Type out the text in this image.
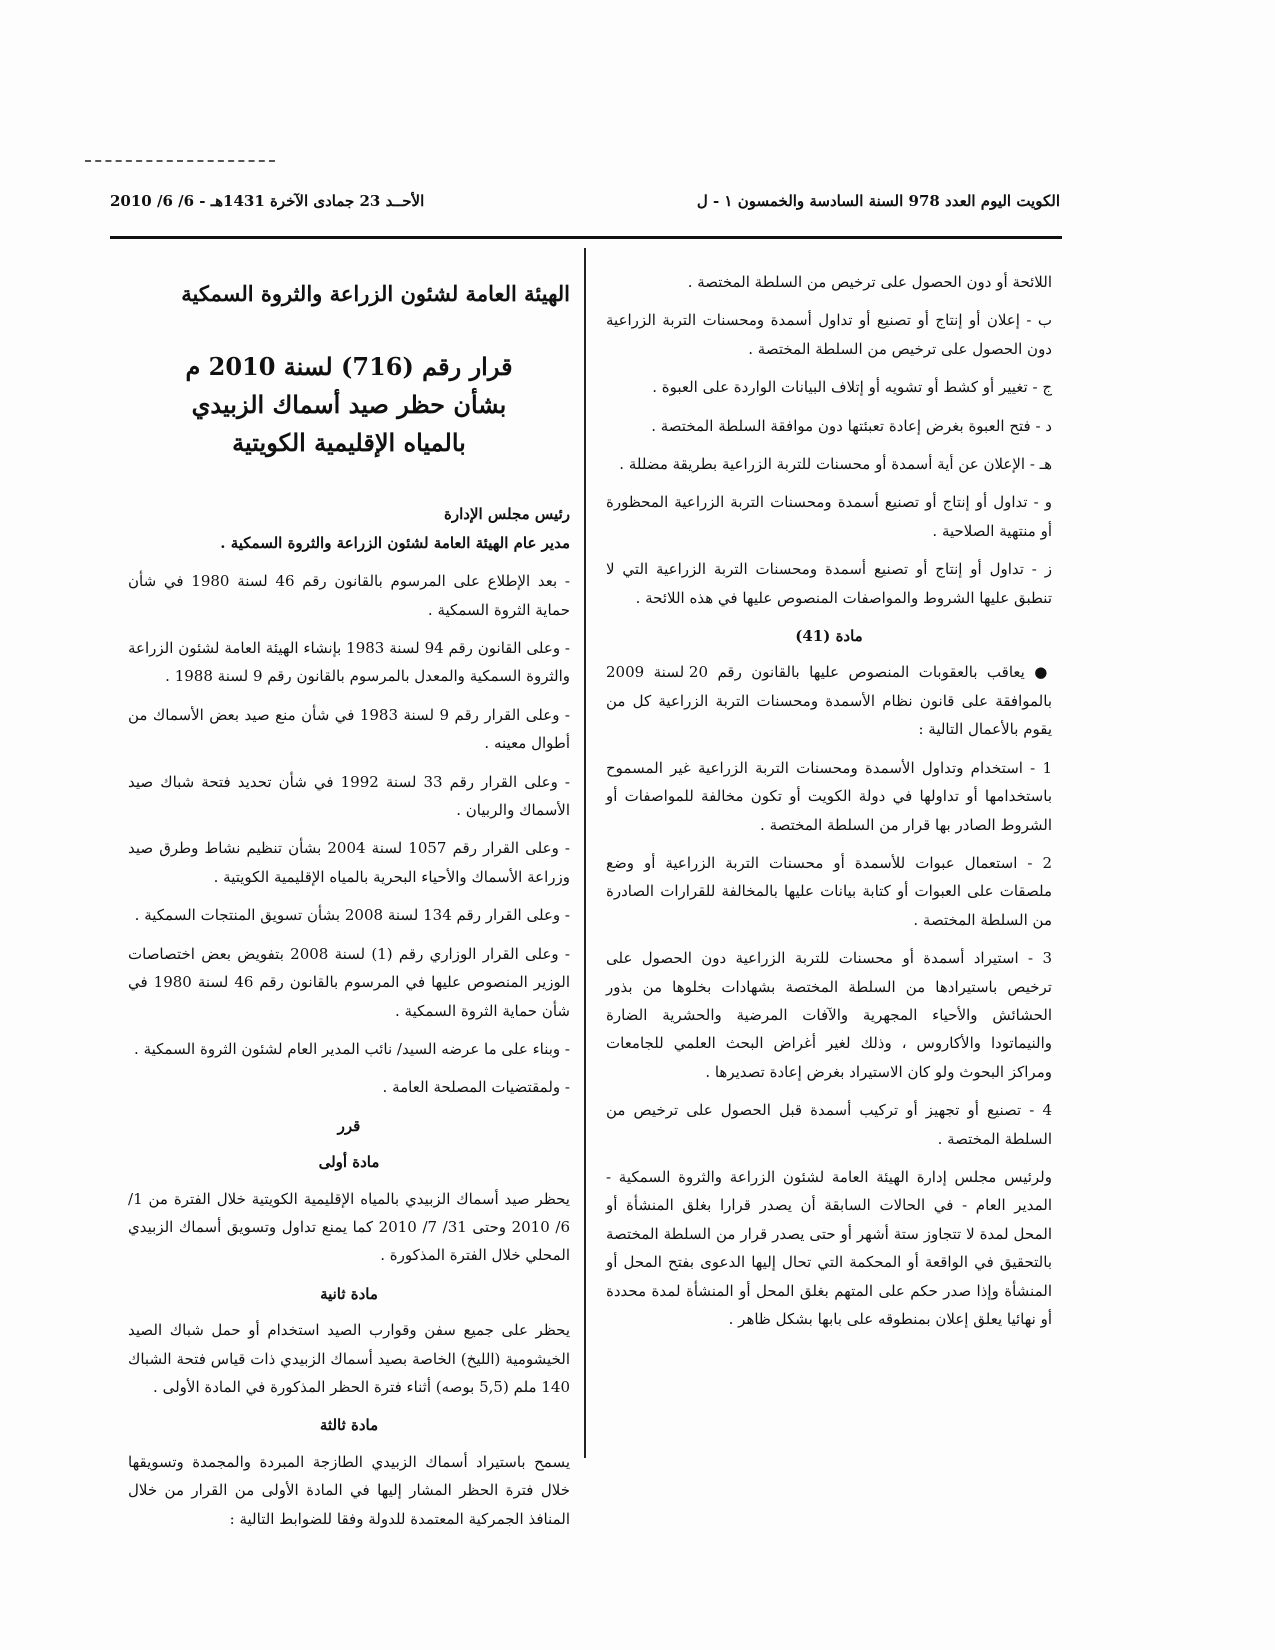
الكويت اليوم العدد 978 السنة السادسة والخمسون ١ - ل
الأحــد 23 جمادى الآخرة 1431هـ - 6/ 6/ 2010

اللائحة أو دون الحصول على ترخيص من السلطة المختصة .

ب - إعلان أو إنتاج أو تصنيع أو تداول أسمدة ومحسنات التربة الزراعية دون الحصول على ترخيص من السلطة المختصة .

ج - تغيير أو كشط أو تشويه أو إتلاف البيانات الواردة على العبوة .

د - فتح العبوة بغرض إعادة تعبئتها دون موافقة السلطة المختصة .

هـ - الإعلان عن أية أسمدة أو محسنات للتربة الزراعية بطريقة مضللة .

و - تداول أو إنتاج أو تصنيع أسمدة ومحسنات التربة الزراعية المحظورة أو منتهية الصلاحية .

ز - تداول أو إنتاج أو تصنيع أسمدة ومحسنات التربة الزراعية التي لا تنطبق عليها الشروط والمواصفات المنصوص عليها في هذه اللائحة .

مادة (41)

● يعاقب بالعقوبات المنصوص عليها بالقانون رقم 20 لسنة 2009 بالموافقة على قانون نظام الأسمدة ومحسنات التربة الزراعية كل من يقوم بالأعمال التالية :

1 - استخدام وتداول الأسمدة ومحسنات التربة الزراعية غير المسموح باستخدامها أو تداولها في دولة الكويت أو تكون مخالفة للمواصفات أو الشروط الصادر بها قرار من السلطة المختصة .

2 - استعمال عبوات للأسمدة أو محسنات التربة الزراعية أو وضع ملصقات على العبوات أو كتابة بيانات عليها بالمخالفة للقرارات الصادرة من السلطة المختصة .

3 - استيراد أسمدة أو محسنات للتربة الزراعية دون الحصول على ترخيص باستيرادها من السلطة المختصة بشهادات بخلوها من بذور الحشائش والأحياء المجهرية والآفات المرضية والحشرية الضارة والنيماتودا والأكاروس ، وذلك لغير أغراض البحث العلمي للجامعات ومراكز البحوث ولو كان الاستيراد بغرض إعادة تصديرها .

4 - تصنيع أو تجهيز أو تركيب أسمدة قبل الحصول على ترخيص من السلطة المختصة .

ولرئيس مجلس إدارة الهيئة العامة لشئون الزراعة والثروة السمكية - المدير العام - في الحالات السابقة أن يصدر قرارا بغلق المنشأة أو المحل لمدة لا تتجاوز ستة أشهر أو حتى يصدر قرار من السلطة المختصة بالتحقيق في الواقعة أو المحكمة التي تحال إليها الدعوى بفتح المحل أو المنشأة وإذا صدر حكم على المتهم بغلق المحل أو المنشأة لمدة محددة أو نهائيا يعلق إعلان بمنطوقه على بابها بشكل ظاهر .

الهيئة العامة لشئون الزراعة والثروة السمكية
قرار رقم (716) لسنة 2010 م
بشأن حظر صيد أسماك الزبيدي
بالمياه الإقليمية الكويتية
رئيس مجلس الإدارة

مدير عام الهيئة العامة لشئون الزراعة والثروة السمكية .

- بعد الإطلاع على المرسوم بالقانون رقم 46 لسنة 1980 في شأن حماية الثروة السمكية .

- وعلى القانون رقم 94 لسنة 1983 بإنشاء الهيئة العامة لشئون الزراعة والثروة السمكية والمعدل بالمرسوم بالقانون رقم 9 لسنة 1988 .

- وعلى القرار رقم 9 لسنة 1983 في شأن منع صيد بعض الأسماك من أطوال معينه .

- وعلى القرار رقم 33 لسنة 1992 في شأن تحديد فتحة شباك صيد الأسماك والربيان .

- وعلى القرار رقم 1057 لسنة 2004 بشأن تنظيم نشاط وطرق صيد وزراعة الأسماك والأحياء البحرية بالمياه الإقليمية الكويتية .

- وعلى القرار رقم 134 لسنة 2008 بشأن تسويق المنتجات السمكية .

- وعلى القرار الوزاري رقم (1) لسنة 2008 بتفويض بعض اختصاصات الوزير المنصوص عليها في المرسوم بالقانون رقم 46 لسنة 1980 في شأن حماية الثروة السمكية .

- وبناء على ما عرضه السيد/ نائب المدير العام لشئون الثروة السمكية .

- ولمقتضيات المصلحة العامة .

قرر
مادة أولى

يحظر صيد أسماك الزبيدي بالمياه الإقليمية الكويتية خلال الفترة من 1/ 6/ 2010 وحتى 31/ 7/ 2010 كما يمنع تداول وتسويق أسماك الزبيدي المحلي خلال الفترة المذكورة .

مادة ثانية

يحظر على جميع سفن وقوارب الصيد استخدام أو حمل شباك الصيد الخيشومية (الليخ) الخاصة بصيد أسماك الزبيدي ذات قياس فتحة الشباك 140 ملم (5,5 بوصه) أثناء فترة الحظر المذكورة في المادة الأولى .

مادة ثالثة

يسمح باستيراد أسماك الزبيدي الطازجة المبردة والمجمدة وتسويقها خلال فترة الحظر المشار إليها في المادة الأولى من القرار من خلال المنافذ الجمركية المعتمدة للدولة وفقا للضوابط التالية :
